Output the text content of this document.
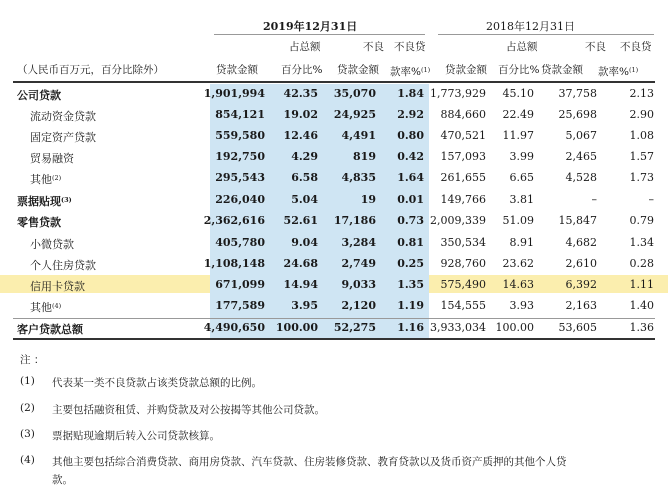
2019年12月31日	2018年12月31日
占总额	不良 不良贷	占总额	不良 不良贷
（人民币百万元，百分比除外）	贷款金额 百分比% 贷款金额 款率%$^{(1)}$ 贷款金额 百分比% 贷款金额 款率%$^{(1)}$
公司贷款	1,901,994 42.35 35,070 1.84 1,773,929 45.10 37,758	2.13
流动资金贷款	854,121 19.02 24,925 2.92 884,660 22.49 25,698	2.90
固定资产贷款	559,580 12.46 4,491 0.80 470,521 11.97	5,067	1.08
贸易融资	192,750 4.29	819 0.42 157,093 3.99	2,465	1.57
其他$^{(2)}$	295,543 6.58 4,835 1.64 261,655 6.65	4,528	1.73
票据贴现$^{(3)}$	226,040 5.04	19 0.01 149,766 3.81	–	–
零售贷款	2,362,616 52.61 17,186 0.73 2,009,339 51.09 15,847	0.79
小微贷款	405,780 9.04 3,284 0.81 350,534 8.91	4,682	1.34
个人住房贷款	1,108,148 24.68 2,749 0.25 928,760 23.62	2,610	0.28
信用卡贷款	671,099 14.94 9,033 1.35 575,490 14.63	6,392	1.11
其他$^{(4)}$	177,589 3.95 2,120 1.19 154,555 3.93	2,163	1.40
客户贷款总额	4,490,650 100.00 52,275 1.16 3,933,034 100.00 53,605	1.36
注 ：
(1) 代表某一类不良贷款占该类贷款总额的比例。
(2) 主要包括融资租赁、并购贷款及对公按揭等其他公司贷款。
(3) 票据贴现逾期后转入公司贷款核算。
(4) 其他主要包括综合消费贷款、商用房贷款、汽车贷款、住房装修贷款、教育贷款以及货币资产质押的其他个人贷
款。
